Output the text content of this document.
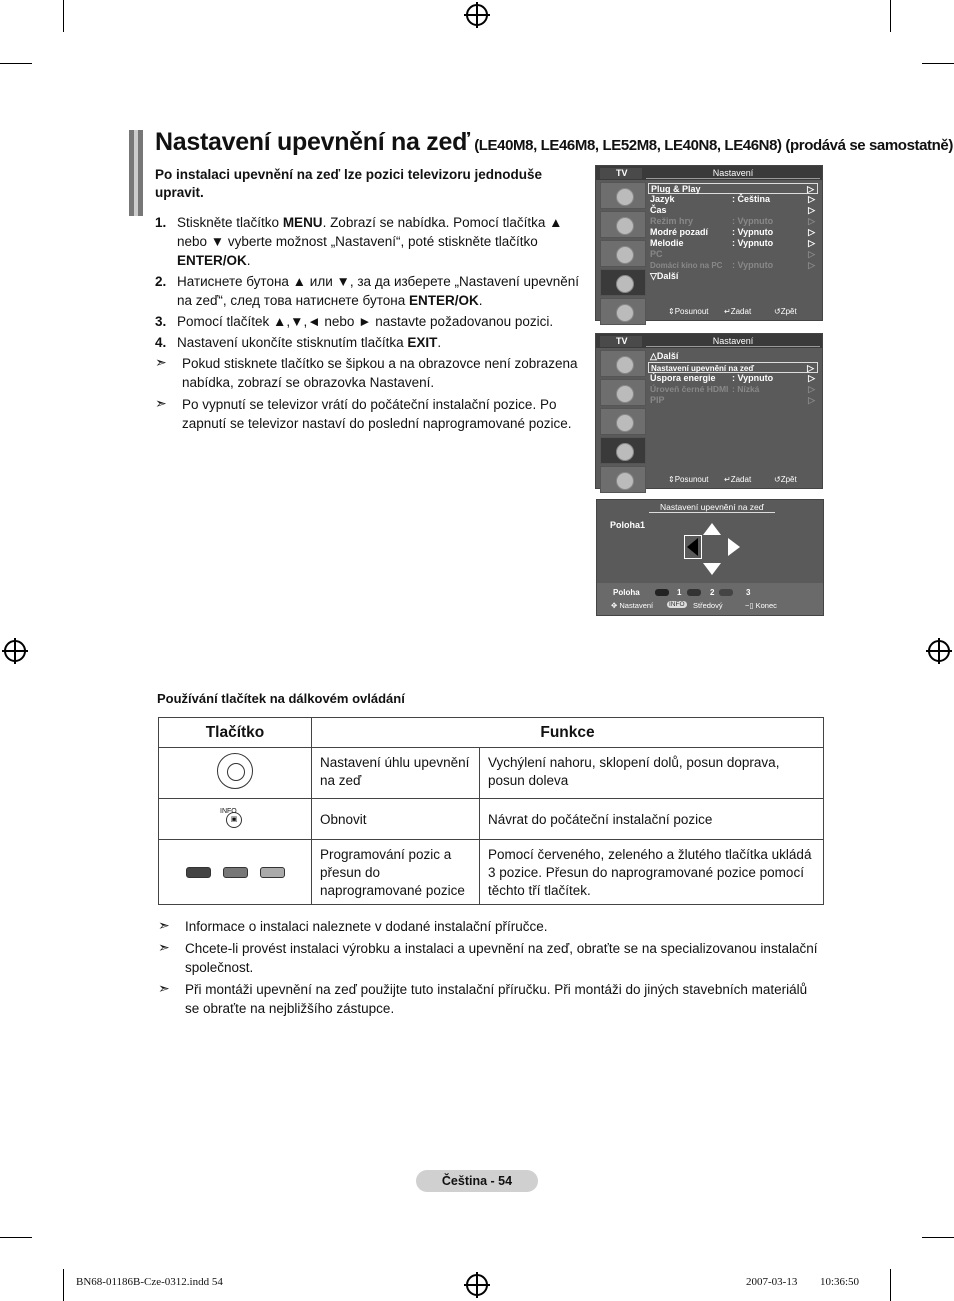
Nastavení upevnění na zeď (LE40M8, LE46M8, LE52M8, LE40N8, LE46N8) (prodává se samostatně)
Po instalaci upevnění na zeď lze pozici televizoru jednoduše upravit.
1. Stiskněte tlačítko MENU. Zobrazí se nabídka. Pomocí tlačítka ▲ nebo ▼ vyberte možnost „Nastavení“, poté stiskněte tlačítko ENTER/OK.
2. Натиснете бутона ▲ или ▼, за да изберете „Nastavení upevnění na zeď“, след това натиснете бутона ENTER/OK.
3. Pomocí tlačítek ▲,▼,◄ nebo ► nastavte požadovanou pozici.
4. Nastavení ukončíte stisknutím tlačítka EXIT.
➣ Pokud stisknete tlačítko se šipkou a na obrazovce není zobrazena nabídka, zobrazí se obrazovka Nastavení.
➣ Po vypnutí se televizor vrátí do počáteční instalační pozice. Po zapnutí se televizor nastaví do poslední naprogramované pozice.
TV	Nastavení
Plug & Play	▷
Jazyk	: Čeština	▷
Čas	▷
Režim hry	: Vypnuto	▷
Modré pozadí	: Vypnuto	▷
Melodie	: Vypnuto	▷
PC	▷
Domácí kino na PC : Vypnuto	▷
▽Další
⇕ Posunout ↵ Zadat	↺ Zpět
TV	Nastavení
△Další
Nastavení upevnění na zeď	▷
Úspora energie : Vypnuto	▷
Úroveň černé HDMI : Nízká	▷
PIP	▷
⇕ Posunout ↵ Zadat	↺ Zpět
Nastavení upevnění na zeď
Poloha1
Poloha	1	2	3
✥ Nastavení	INFO Středový	−▯ Konec
Používání tlačítek na dálkovém ovládání
Tlačítko	Funkce	
	Nastavení úhlu upevnění na zeď	Vychýlení nahoru, sklopení dolů, posun doprava, posun doleva

INFO
▣	Obnovit	Návrat do počáteční instalační pozice
	Programování pozic a přesun do naprogramované pozice	Pomocí červeného, zeleného a žlutého tlačítka ukládá 3 pozice. Přesun do naprogramované pozice pomocí těchto tří tlačítek.
➣ Informace o instalaci naleznete v dodané instalační příručce.
➣ Chcete-li provést instalaci výrobku a instalaci a upevnění na zeď, obraťte se na specializovanou instalační společnost.
➣ Při montáži upevnění na zeď použijte tuto instalační příručku. Při montáži do jiných stavebních materiálů se obraťte na nejbližšího zástupce.
Čeština - 54
BN68-01186B-Cze-0312.indd 54	2007-03-13 ￿￿ 10:36:50
